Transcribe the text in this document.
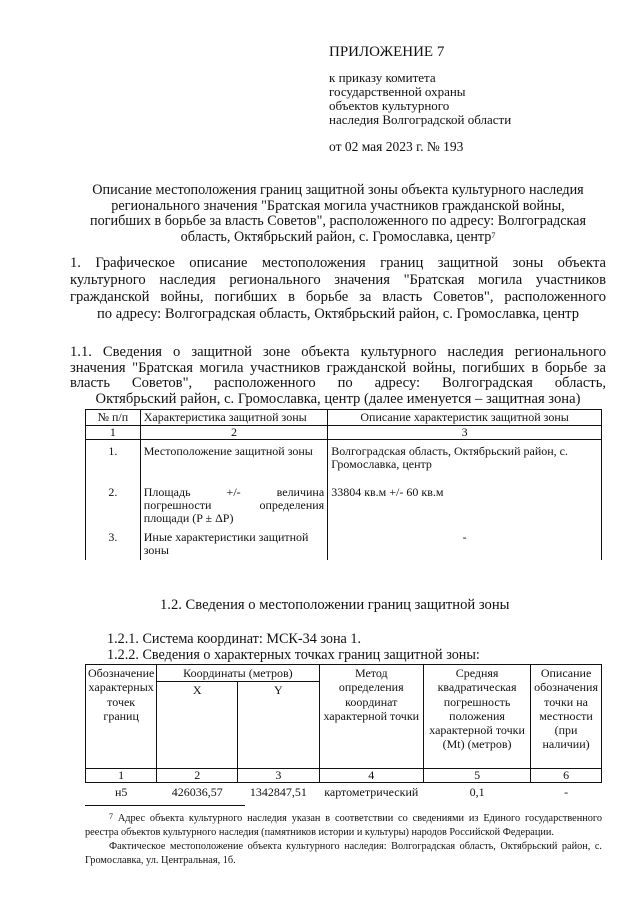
ПРИЛОЖЕНИЕ 7
к приказу комитета
государственной охраны
объектов культурного
наследия Волгоградской области
от 02 мая 2023 г. № 193

Описание местоположения границ защитной зоны объекта культурного наследия

регионального значения "Братская могила участников гражданской войны,

погибших в борьбе за власть Советов", расположенного по адресу: Волгоградская

область, Октябрьский район, с. Громославка, центр$^7$

1. Графическое описание местоположения границ защитной зоны объекта культурного наследия регионального значения "Братская могила участников гражданской войны, погибших в борьбе за власть Советов", расположенного
по адресу: Волгоградская область, Октябрьский район, с. Громославка, центр
1.1. Сведения о защитной зоне объекта культурного наследия регионального значения "Братская могила участников гражданской войны, погибших в борьбе за власть Советов", расположенного по адресу: Волгоградская область,
Октябрьский район, с. Громославка, центр (далее именуется – защитная зона)
№ п/п	Характеристика защитной зоны	Описание характеристик защитной зоны
1	2	3
1.	Местоположение защитной зоны	Волгоградская область, Октябрьский район, с. Громославка, центр
2.	Площадь +/- величина погрешности определения площади (P ± ΔP)	33804 кв.м +/- 60 кв.м
3.	Иные характеристики защитной зоны	-
1.2. Сведения о местоположении границ защитной зоны
1.2.1. Система координат: МСК-34 зона 1.
1.2.2. Сведения о характерных точках границ защитной зоны:
Обозначение характерных точек границ	Координаты (метров)		Метод определения координат характерной точки	Средняя квадратическая погрешность положения характерной точки (Mt) (метров)	Описание обозначения точки на местности (при наличии)
	X	Y			
1	2	3	4	5	6
н5	426036,57	1342847,51	картометрический	0,1	-
$^7$ Адрес объекта культурного наследия указан в соответствии со сведениями из Единого государственного реестра объектов культурного наследия (памятников истории и культуры) народов Российской Федерации.
Фактическое местоположение объекта культурного наследия: Волгоградская область, Октябрьский район, с. Громославка, ул. Центральная, 1б.
